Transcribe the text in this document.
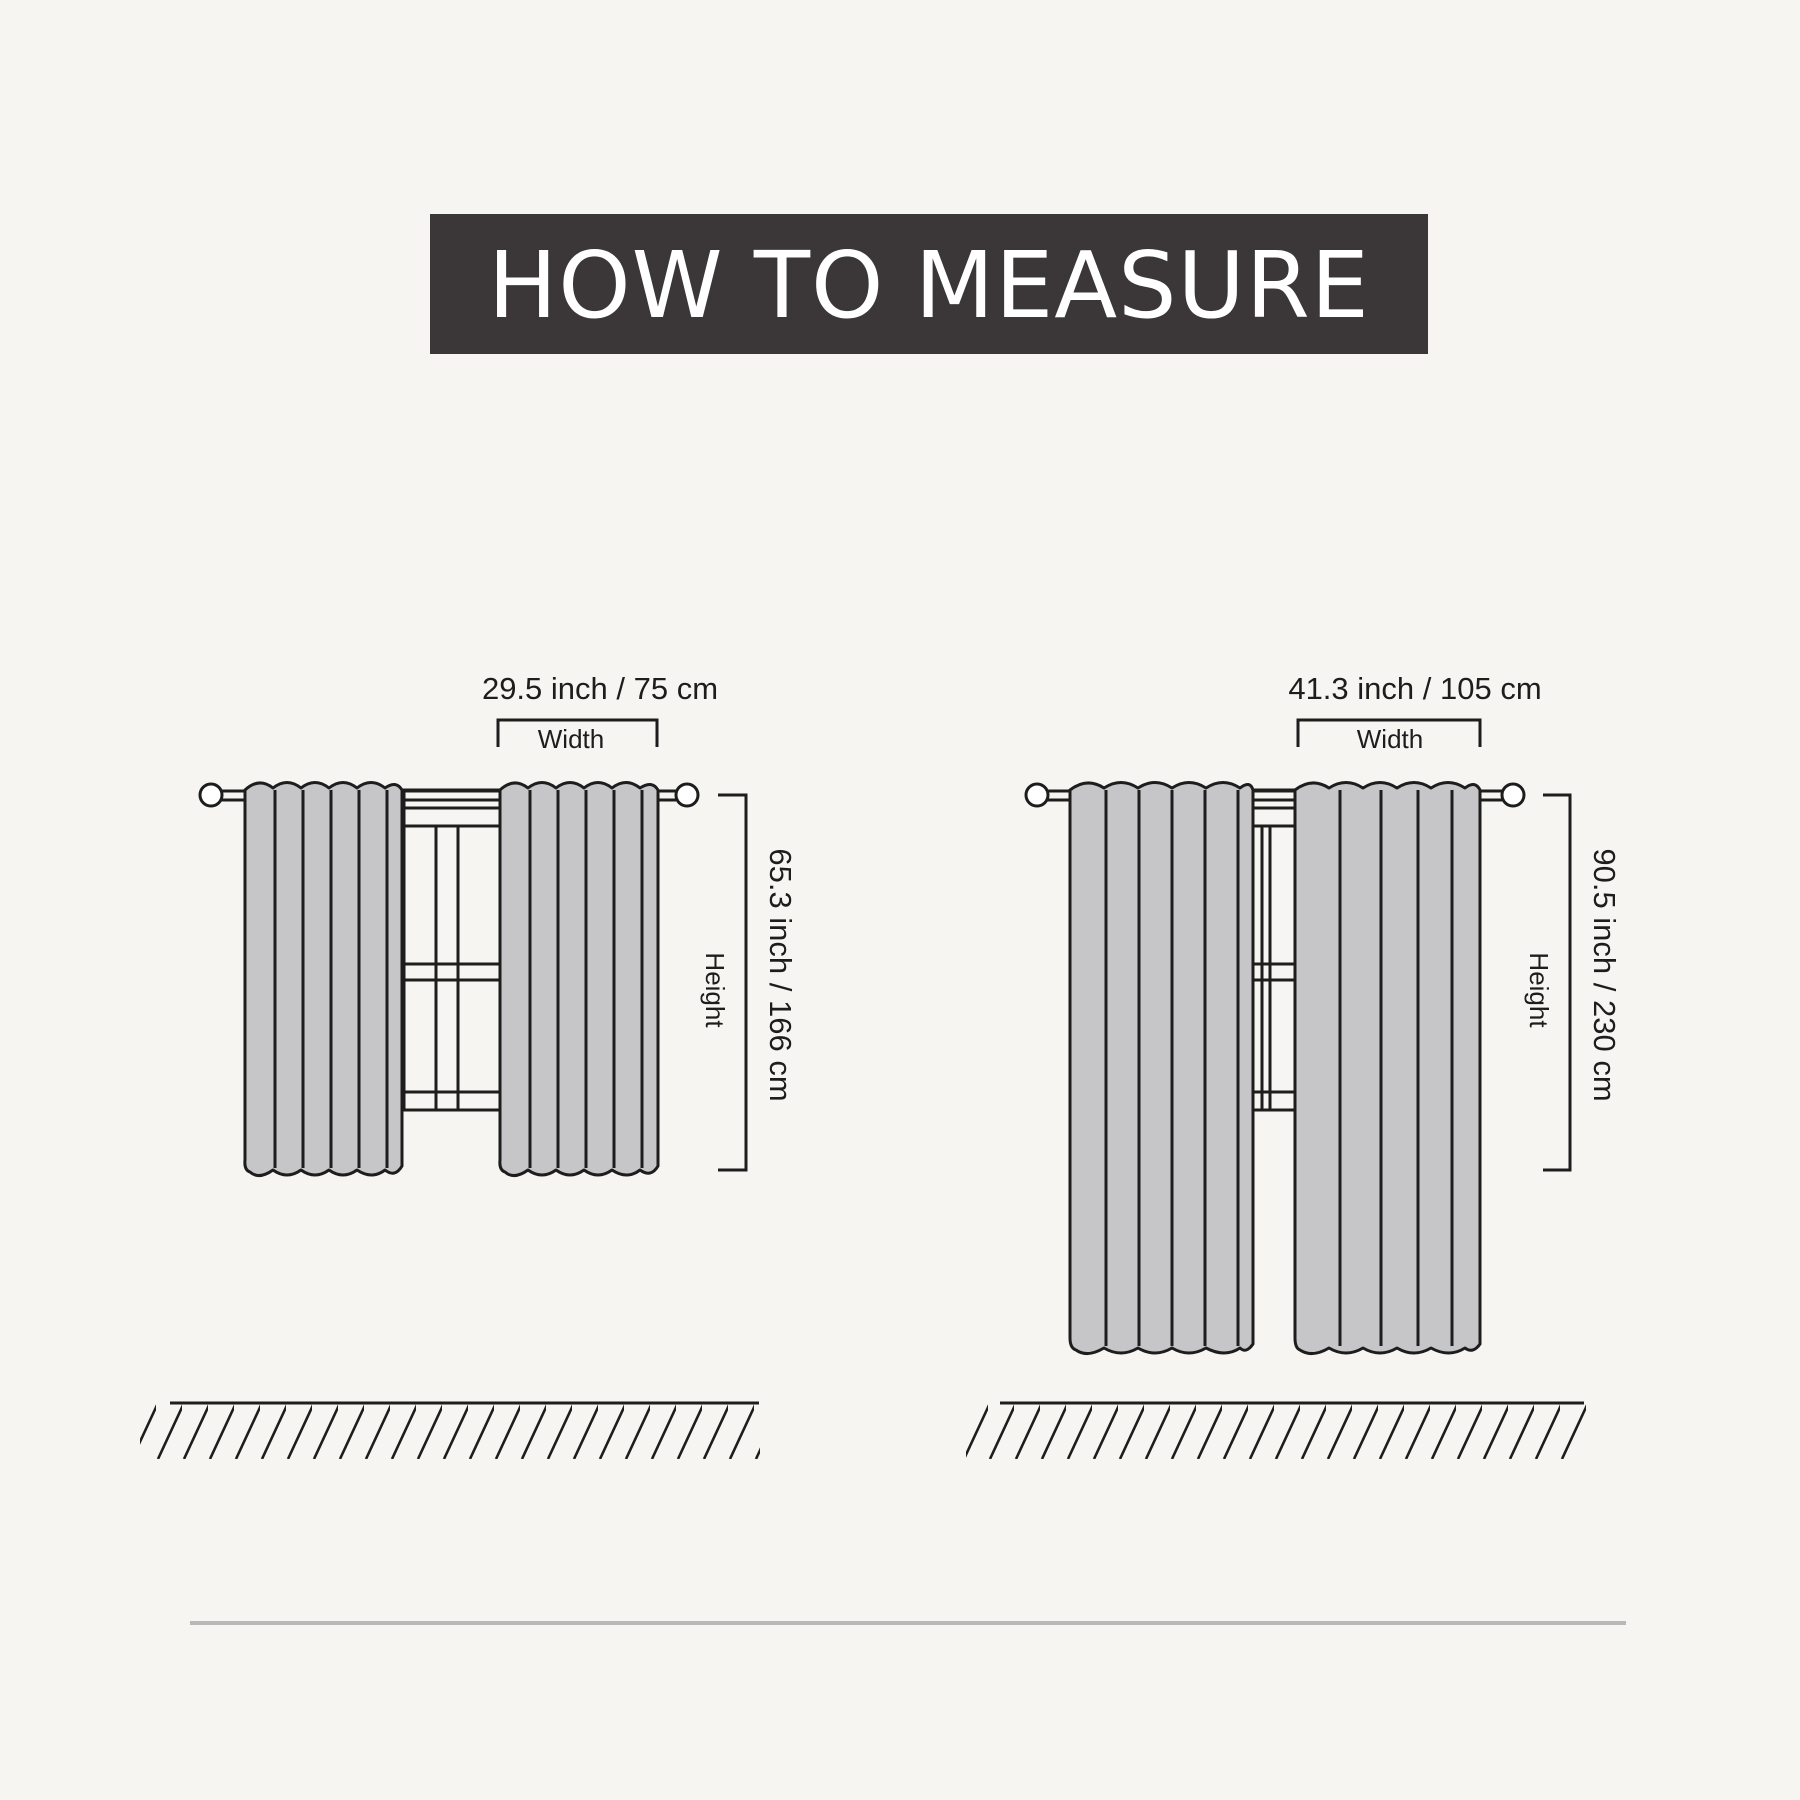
HOW TO MEASURE
29.5 inch / 75 cm
Width
Height 65.3 inch / 166 cm
41.3 inch / 105 cm
Width
Height 90.5 inch / 230 cm
